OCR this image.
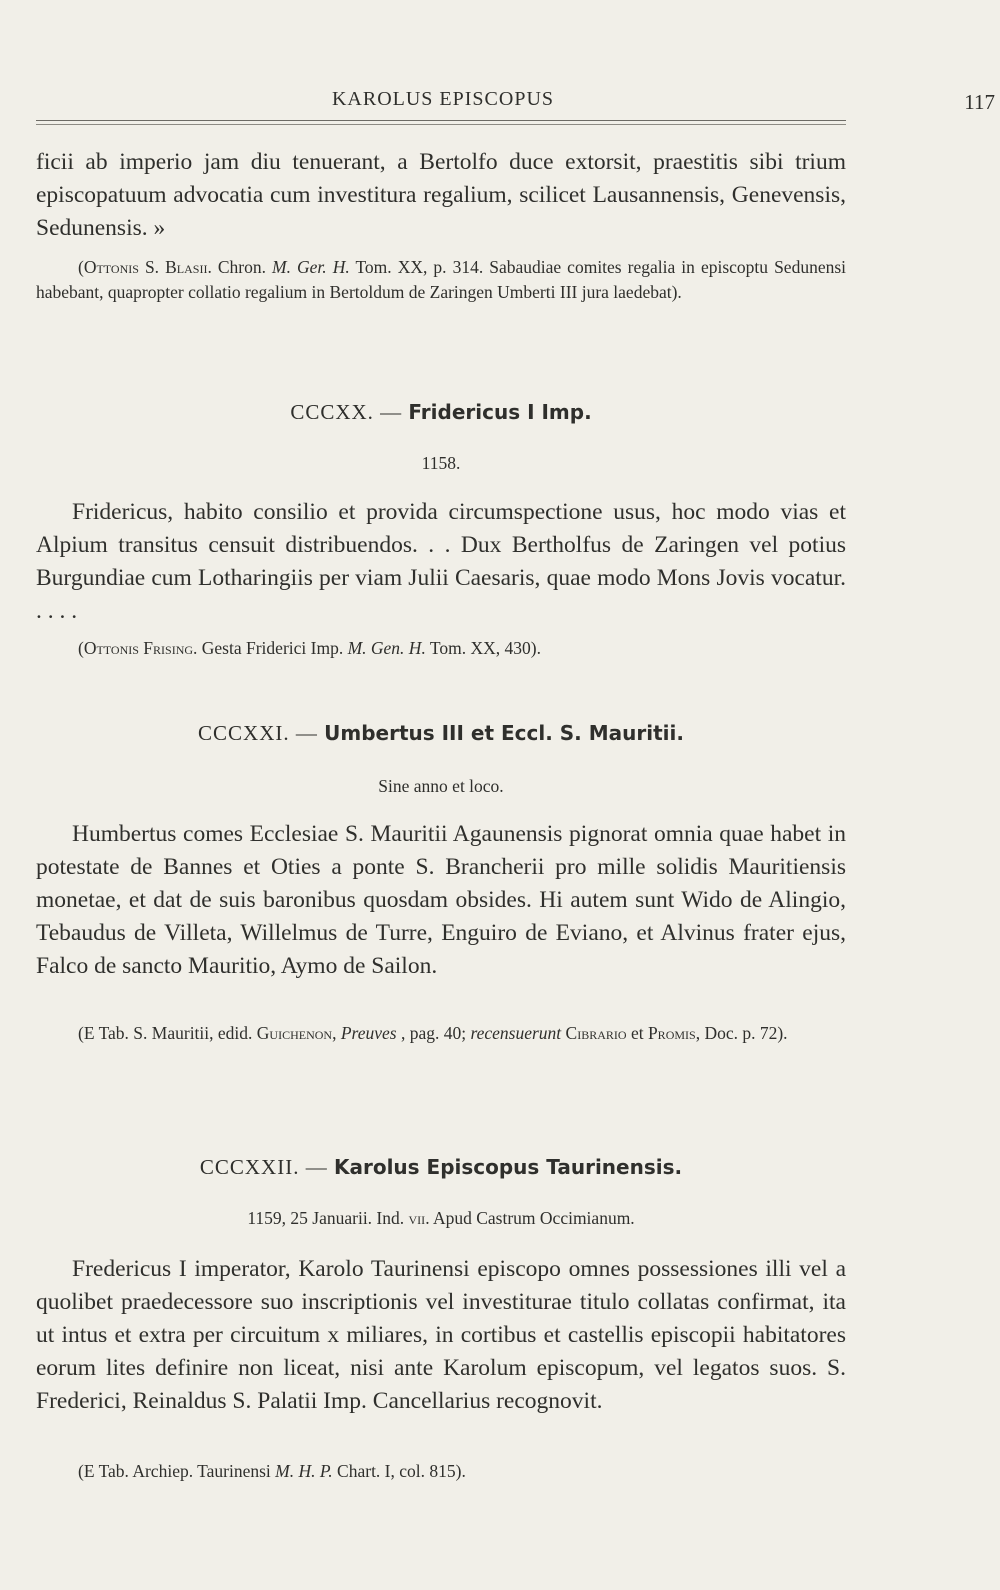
KAROLUS EPISCOPUS	117

ficii ab imperio jam diu tenuerant, a Bertolfo duce extorsit, praestitis sibi trium episcopatuum advocatia cum investitura regalium, scilicet Lausannensis, Genevensis, Sedunensis. »

(Ottonis S. Blasii. Chron. M. Ger. H. Tom. XX, p. 314. Sabaudiae comites regalia in episcoptu Sedunensi habebant, quapropter collatio regalium in Bertoldum de Zaringen Umberti III jura laedebat).

CCCXX. — Fridericus I Imp.
1158.

Fridericus, habito consilio et provida circumspectione usus, hoc modo vias et Alpium transitus censuit distribuendos. . . Dux Bertholfus de Zaringen vel potius Burgundiae cum Lotharingiis per viam Julii Caesaris, quae modo Mons Jovis vocatur. . . . .

(Ottonis Frising. Gesta Friderici Imp. M. Gen. H. Tom. XX, 430).

CCCXXI. — Umbertus III et Eccl. S. Mauritii.
Sine anno et loco.

Humbertus comes Ecclesiae S. Mauritii Agaunensis pignorat omnia quae habet in potestate de Bannes et Oties a ponte S. Brancherii pro mille solidis Mauritiensis monetae, et dat de suis baronibus quosdam obsides. Hi autem sunt Wido de Alingio, Tebaudus de Villeta, Willelmus de Turre, Enguiro de Eviano, et Alvinus frater ejus, Falco de sancto Mauritio, Aymo de Sailon.

(E Tab. S. Mauritii, edid. Guichenon, Preuves , pag. 40; recensuerunt Cibrario et Promis, Doc. p. 72).

CCCXXII. — Karolus Episcopus Taurinensis.
1159, 25 Januarii. Ind. vii. Apud Castrum Occimianum.

Fredericus I imperator, Karolo Taurinensi episcopo omnes possessiones illi vel a quolibet praedecessore suo inscriptionis vel investiturae titulo collatas confirmat, ita ut intus et extra per circuitum x miliares, in cortibus et castellis episcopii habitatores eorum lites definire non liceat, nisi ante Karolum episcopum, vel legatos suos. S. Frederici, Reinaldus S. Palatii Imp. Cancellarius recognovit.

(E Tab. Archiep. Taurinensi M. H. P. Chart. I, col. 815).
